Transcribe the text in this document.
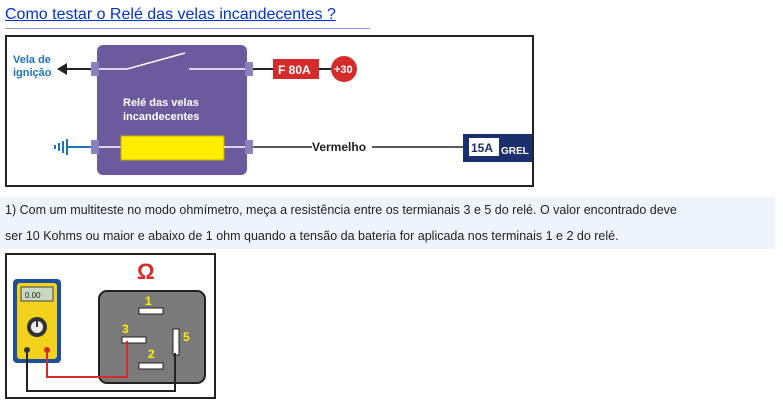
Como testar o Relé das velas incandecentes ?
Vela de
ignição
Relé das velas
incandecentes
F 80A +30
Vermelho	15A GREL
1) Com um multiteste no modo ohmímetro, meça a resistência entre os termianais 3 e 5 do relé. O valor encontrado deve
ser 10 Kohms ou maior e abaixo de 1 ohm quando a tensão da bateria for aplicada nos terminais 1 e 2 do relé.
Ω
0.00	1
3
2
5
